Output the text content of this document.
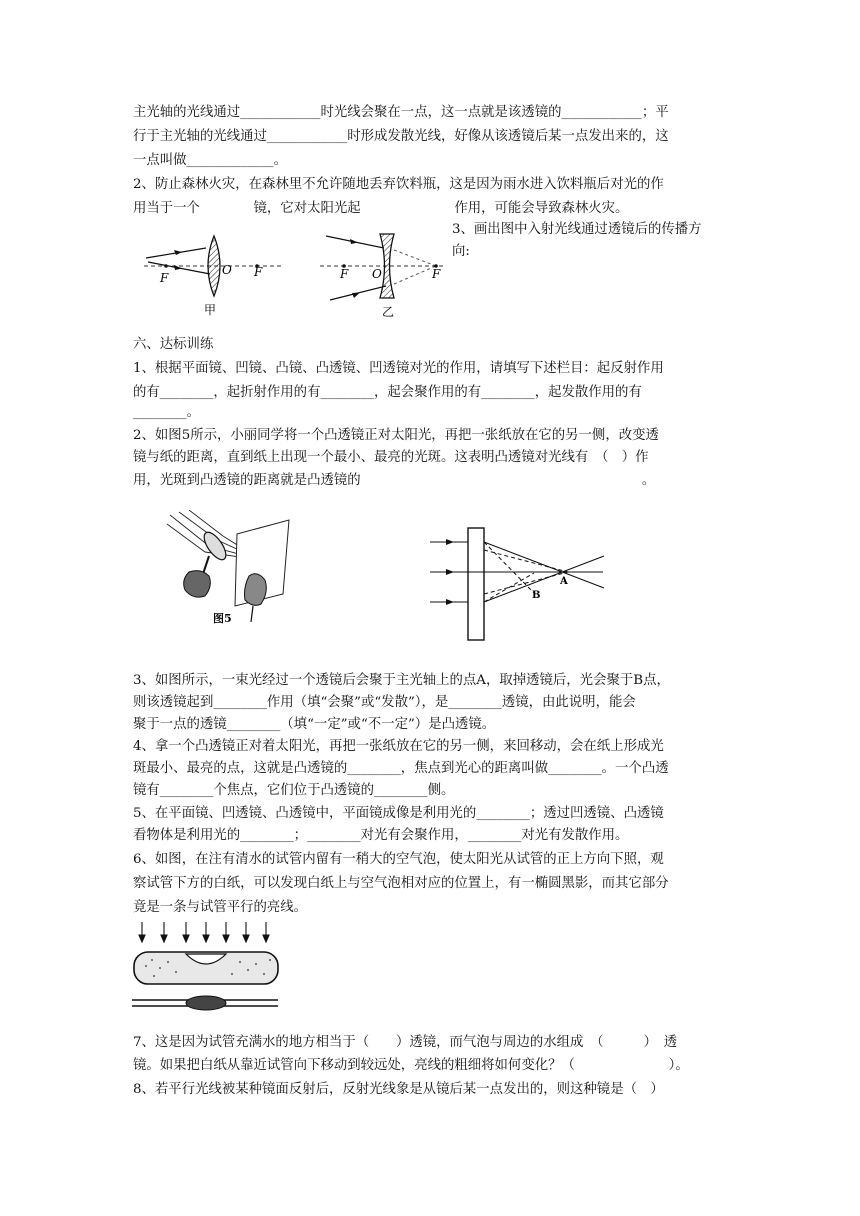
主光轴的光线通过____________时光线会聚在一点，这一点就是该透镜的____________；平
行于主光轴的光线通过____________时形成发散光线，好像从该透镜后某一点发出来的，这
一点叫做_____________。
2、防止森林火灾，在森林里不允许随地丢弃饮料瓶，这是因为雨水进入饮料瓶后对光的作
用当于一个　　　　镜，它对太阳光起　　　　　　　作用，可能会导致森林火灾。
3、画出图中入射光线通过透镜后的传播方
向:
F
O F
甲
F O	F
乙
六、达标训练
1、根据平面镜、凹镜、凸镜、凸透镜、凹透镜对光的作用，请填写下述栏目：起反射作用
的有________，起折射作用的有________，起会聚作用的有________，起发散作用的有
________。
2、如图5所示，小丽同学将一个凸透镜正对太阳光，再把一张纸放在它的另一侧，改变透
镜与纸的距离，直到纸上出现一个最小、最亮的光斑。这表明凸透镜对光线有　（　）作
用，光斑到凸透镜的距离就是凸透镜的　　　　　　　　　　　　　　　　　　　　　。
图5
A
B
3、如图所示，一束光经过一个透镜后会聚于主光轴上的点A，取掉透镜后，光会聚于B点，
则该透镜起到________作用（填“会聚”或“发散”），是________透镜，由此说明，能会
聚于一点的透镜________（填“一定”或“不一定”）是凸透镜。
4、拿一个凸透镜正对着太阳光，再把一张纸放在它的另一侧，来回移动，会在纸上形成光
斑最小、最亮的点，这就是凸透镜的________，焦点到光心的距离叫做________。一个凸透
镜有________个焦点，它们位于凸透镜的________侧。
5、在平面镜、凹透镜、凸透镜中，平面镜成像是利用光的________；透过凹透镜、凸透镜
看物体是利用光的________；________对光有会聚作用，________对光有发散作用。
6、如图，在注有清水的试管内留有一稍大的空气泡，使太阳光从试管的正上方向下照，观
察试管下方的白纸，可以发现白纸上与空气泡相对应的位置上，有一椭圆黑影，而其它部分
竟是一条与试管平行的亮线。
7、这是因为试管充满水的地方相当于（　　）透镜，而气泡与周边的水组成　（　　　）　透
镜。如果把白纸从靠近试管向下移动到较远处，亮线的粗细将如何变化？（　　　　　　　）。
8、若平行光线被某种镜面反射后，反射光线象是从镜后某一点发出的，则这种镜是（　）
